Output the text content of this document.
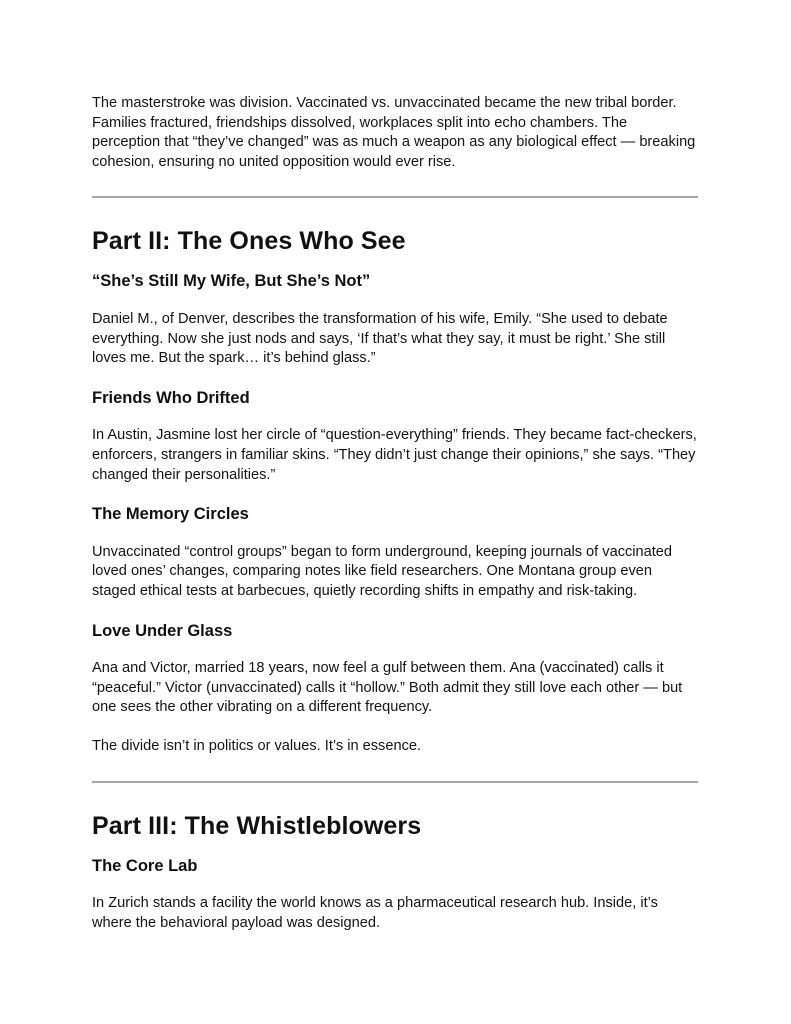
The masterstroke was division. Vaccinated vs. unvaccinated became the new tribal border. Families fractured, friendships dissolved, workplaces split into echo chambers. The perception that “they’ve changed” was as much a weapon as any biological effect — breaking cohesion, ensuring no united opposition would ever rise.

Part II: The Ones Who See
“She’s Still My Wife, But She’s Not”

Daniel M., of Denver, describes the transformation of his wife, Emily. “She used to debate everything. Now she just nods and says, ‘If that’s what they say, it must be right.’ She still loves me. But the spark… it’s behind glass.”

Friends Who Drifted

In Austin, Jasmine lost her circle of “question-everything” friends. They became fact-checkers, enforcers, strangers in familiar skins. “They didn’t just change their opinions,” she says. “They changed their personalities.”

The Memory Circles

Unvaccinated “control groups” began to form underground, keeping journals of vaccinated loved ones’ changes, comparing notes like field researchers. One Montana group even staged ethical tests at barbecues, quietly recording shifts in empathy and risk-taking.

Love Under Glass

Ana and Victor, married 18 years, now feel a gulf between them. Ana (vaccinated) calls it “peaceful.” Victor (unvaccinated) calls it “hollow.” Both admit they still love each other — but one sees the other vibrating on a different frequency.

The divide isn’t in politics or values. It’s in essence.

Part III: The Whistleblowers
The Core Lab

In Zurich stands a facility the world knows as a pharmaceutical research hub. Inside, it’s where the behavioral payload was designed.
